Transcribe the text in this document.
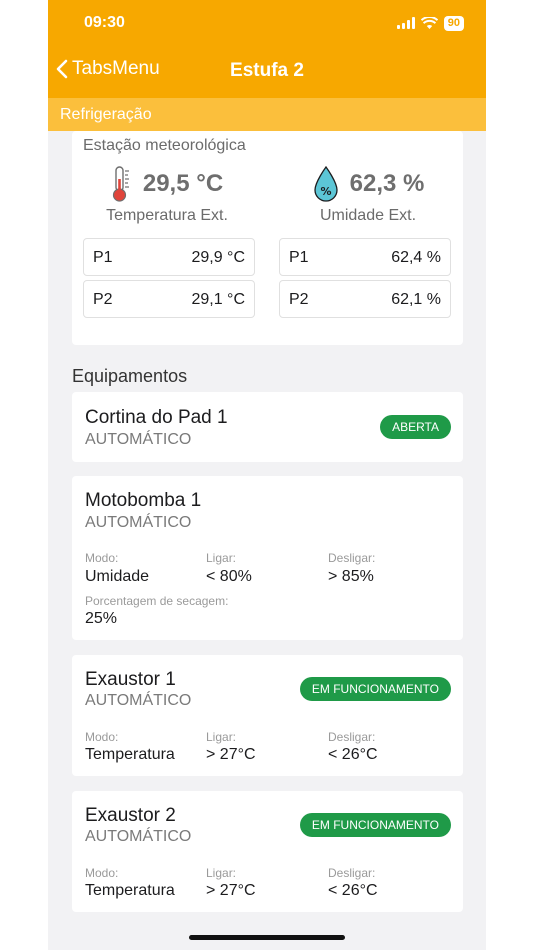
09:30	90
TabsMenu	Estufa 2
Refrigeração
Estação meteorológica
29,5 °C
Temperatura Ext.
% 62,3 %
Umidade Ext.
P1	29,9 °C
P2	29,1 °C
P1	62,4 %
P2	62,1 %
Equipamentos
Cortina do Pad 1
AUTOMÁTICO
ABERTA
Motobomba 1
AUTOMÁTICO
Modo:
Umidade
Ligar:
< 80%
Desligar:
> 85%
Porcentagem de secagem:
25%
Exaustor 1
AUTOMÁTICO
EM FUNCIONAMENTO
Modo:
Temperatura
Ligar:
> 27°C
Desligar:
< 26°C
Exaustor 2
AUTOMÁTICO
EM FUNCIONAMENTO
Modo:
Temperatura
Ligar:
> 27°C
Desligar:
< 26°C
